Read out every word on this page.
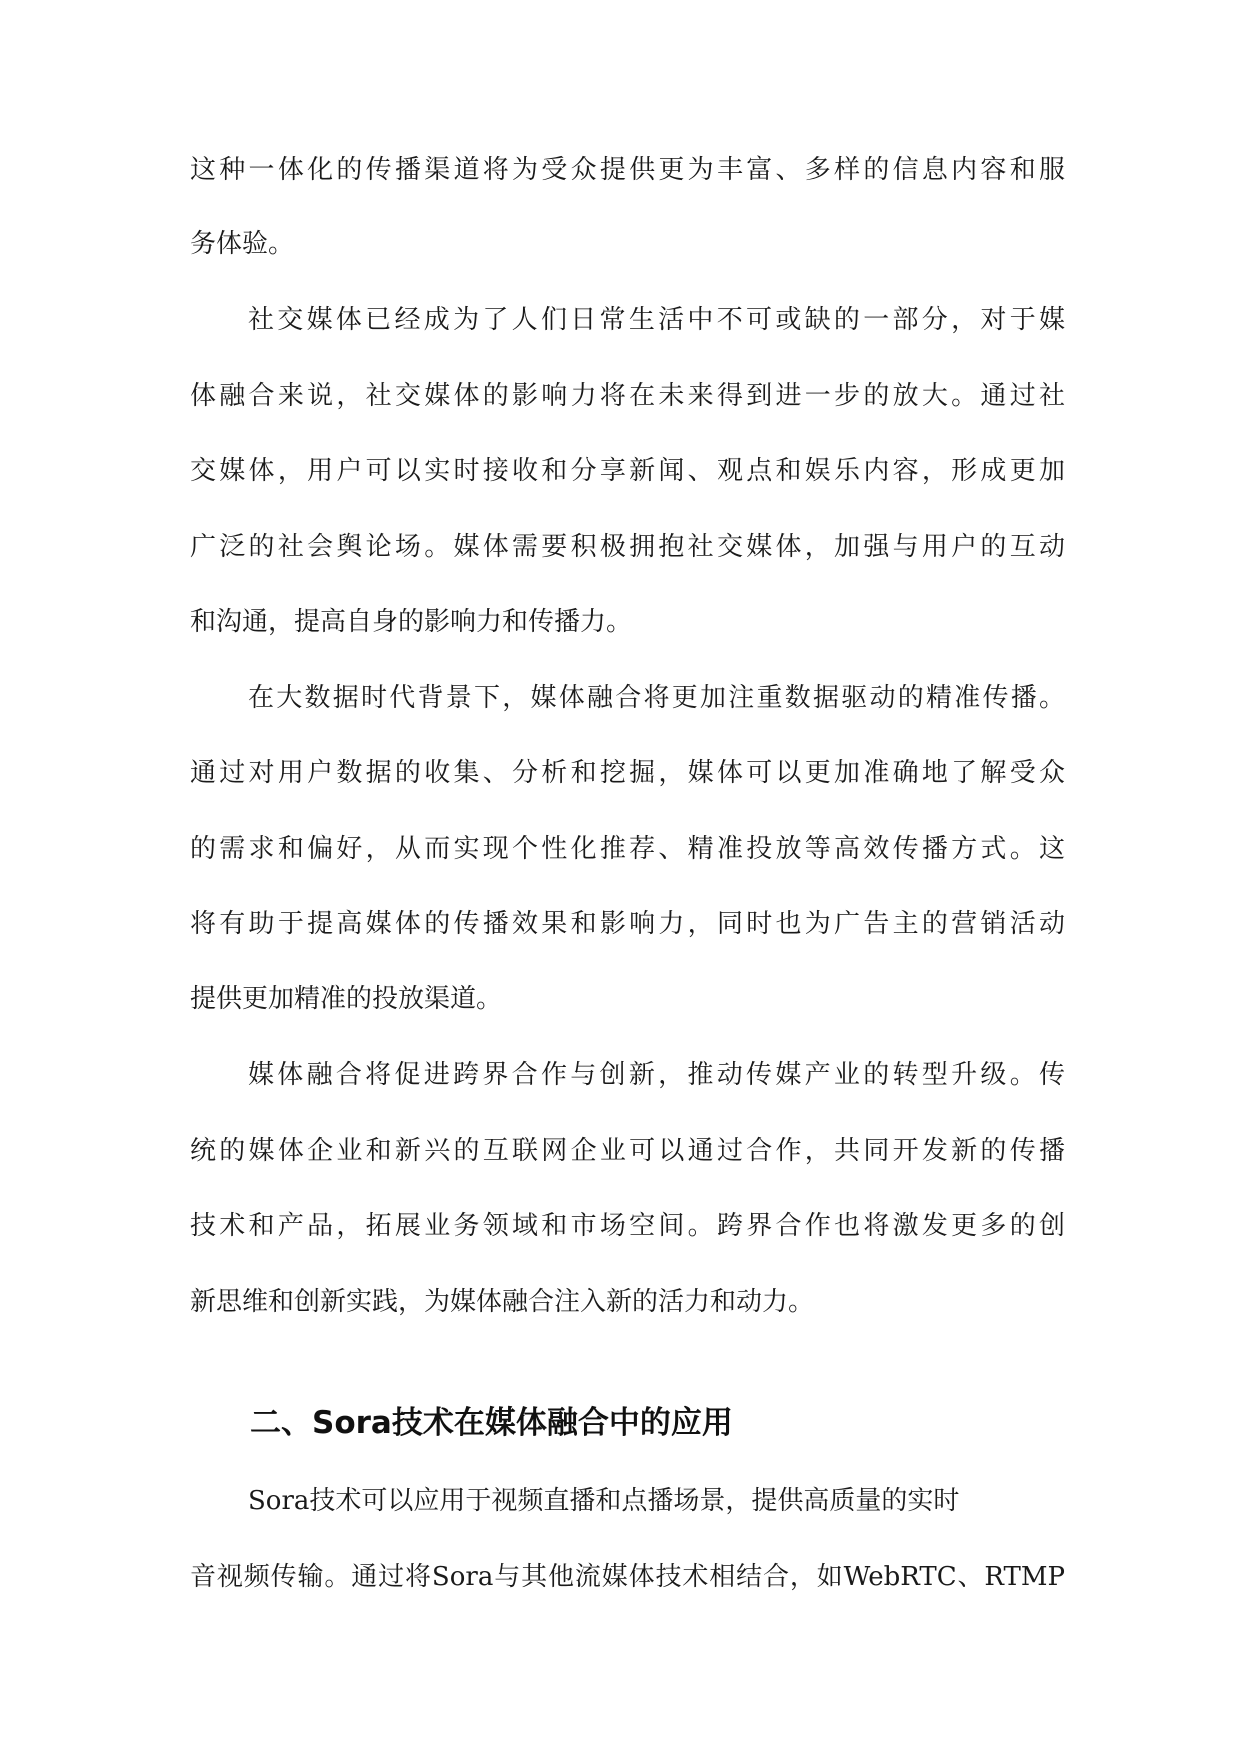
这种一体化的传播渠道将为受众提供更为丰富、多样的信息内容和服
务体验。
社交媒体已经成为了人们日常生活中不可或缺的一部分，对于媒
体融合来说，社交媒体的影响力将在未来得到进一步的放大。通过社
交媒体，用户可以实时接收和分享新闻、观点和娱乐内容，形成更加
广泛的社会舆论场。媒体需要积极拥抱社交媒体，加强与用户的互动
和沟通，提高自身的影响力和传播力。
在大数据时代背景下，媒体融合将更加注重数据驱动的精准传播。
通过对用户数据的收集、分析和挖掘，媒体可以更加准确地了解受众
的需求和偏好，从而实现个性化推荐、精准投放等高效传播方式。这
将有助于提高媒体的传播效果和影响力，同时也为广告主的营销活动
提供更加精准的投放渠道。
媒体融合将促进跨界合作与创新，推动传媒产业的转型升级。传
统的媒体企业和新兴的互联网企业可以通过合作，共同开发新的传播
技术和产品，拓展业务领域和市场空间。跨界合作也将激发更多的创
新思维和创新实践，为媒体融合注入新的活力和动力。
二、Sora技术在媒体融合中的应用
Sora技术可以应用于视频直播和点播场景，提供高质量的实时
音视频传输。通过将Sora与其他流媒体技术相结合，如WebRTC、RTMP
